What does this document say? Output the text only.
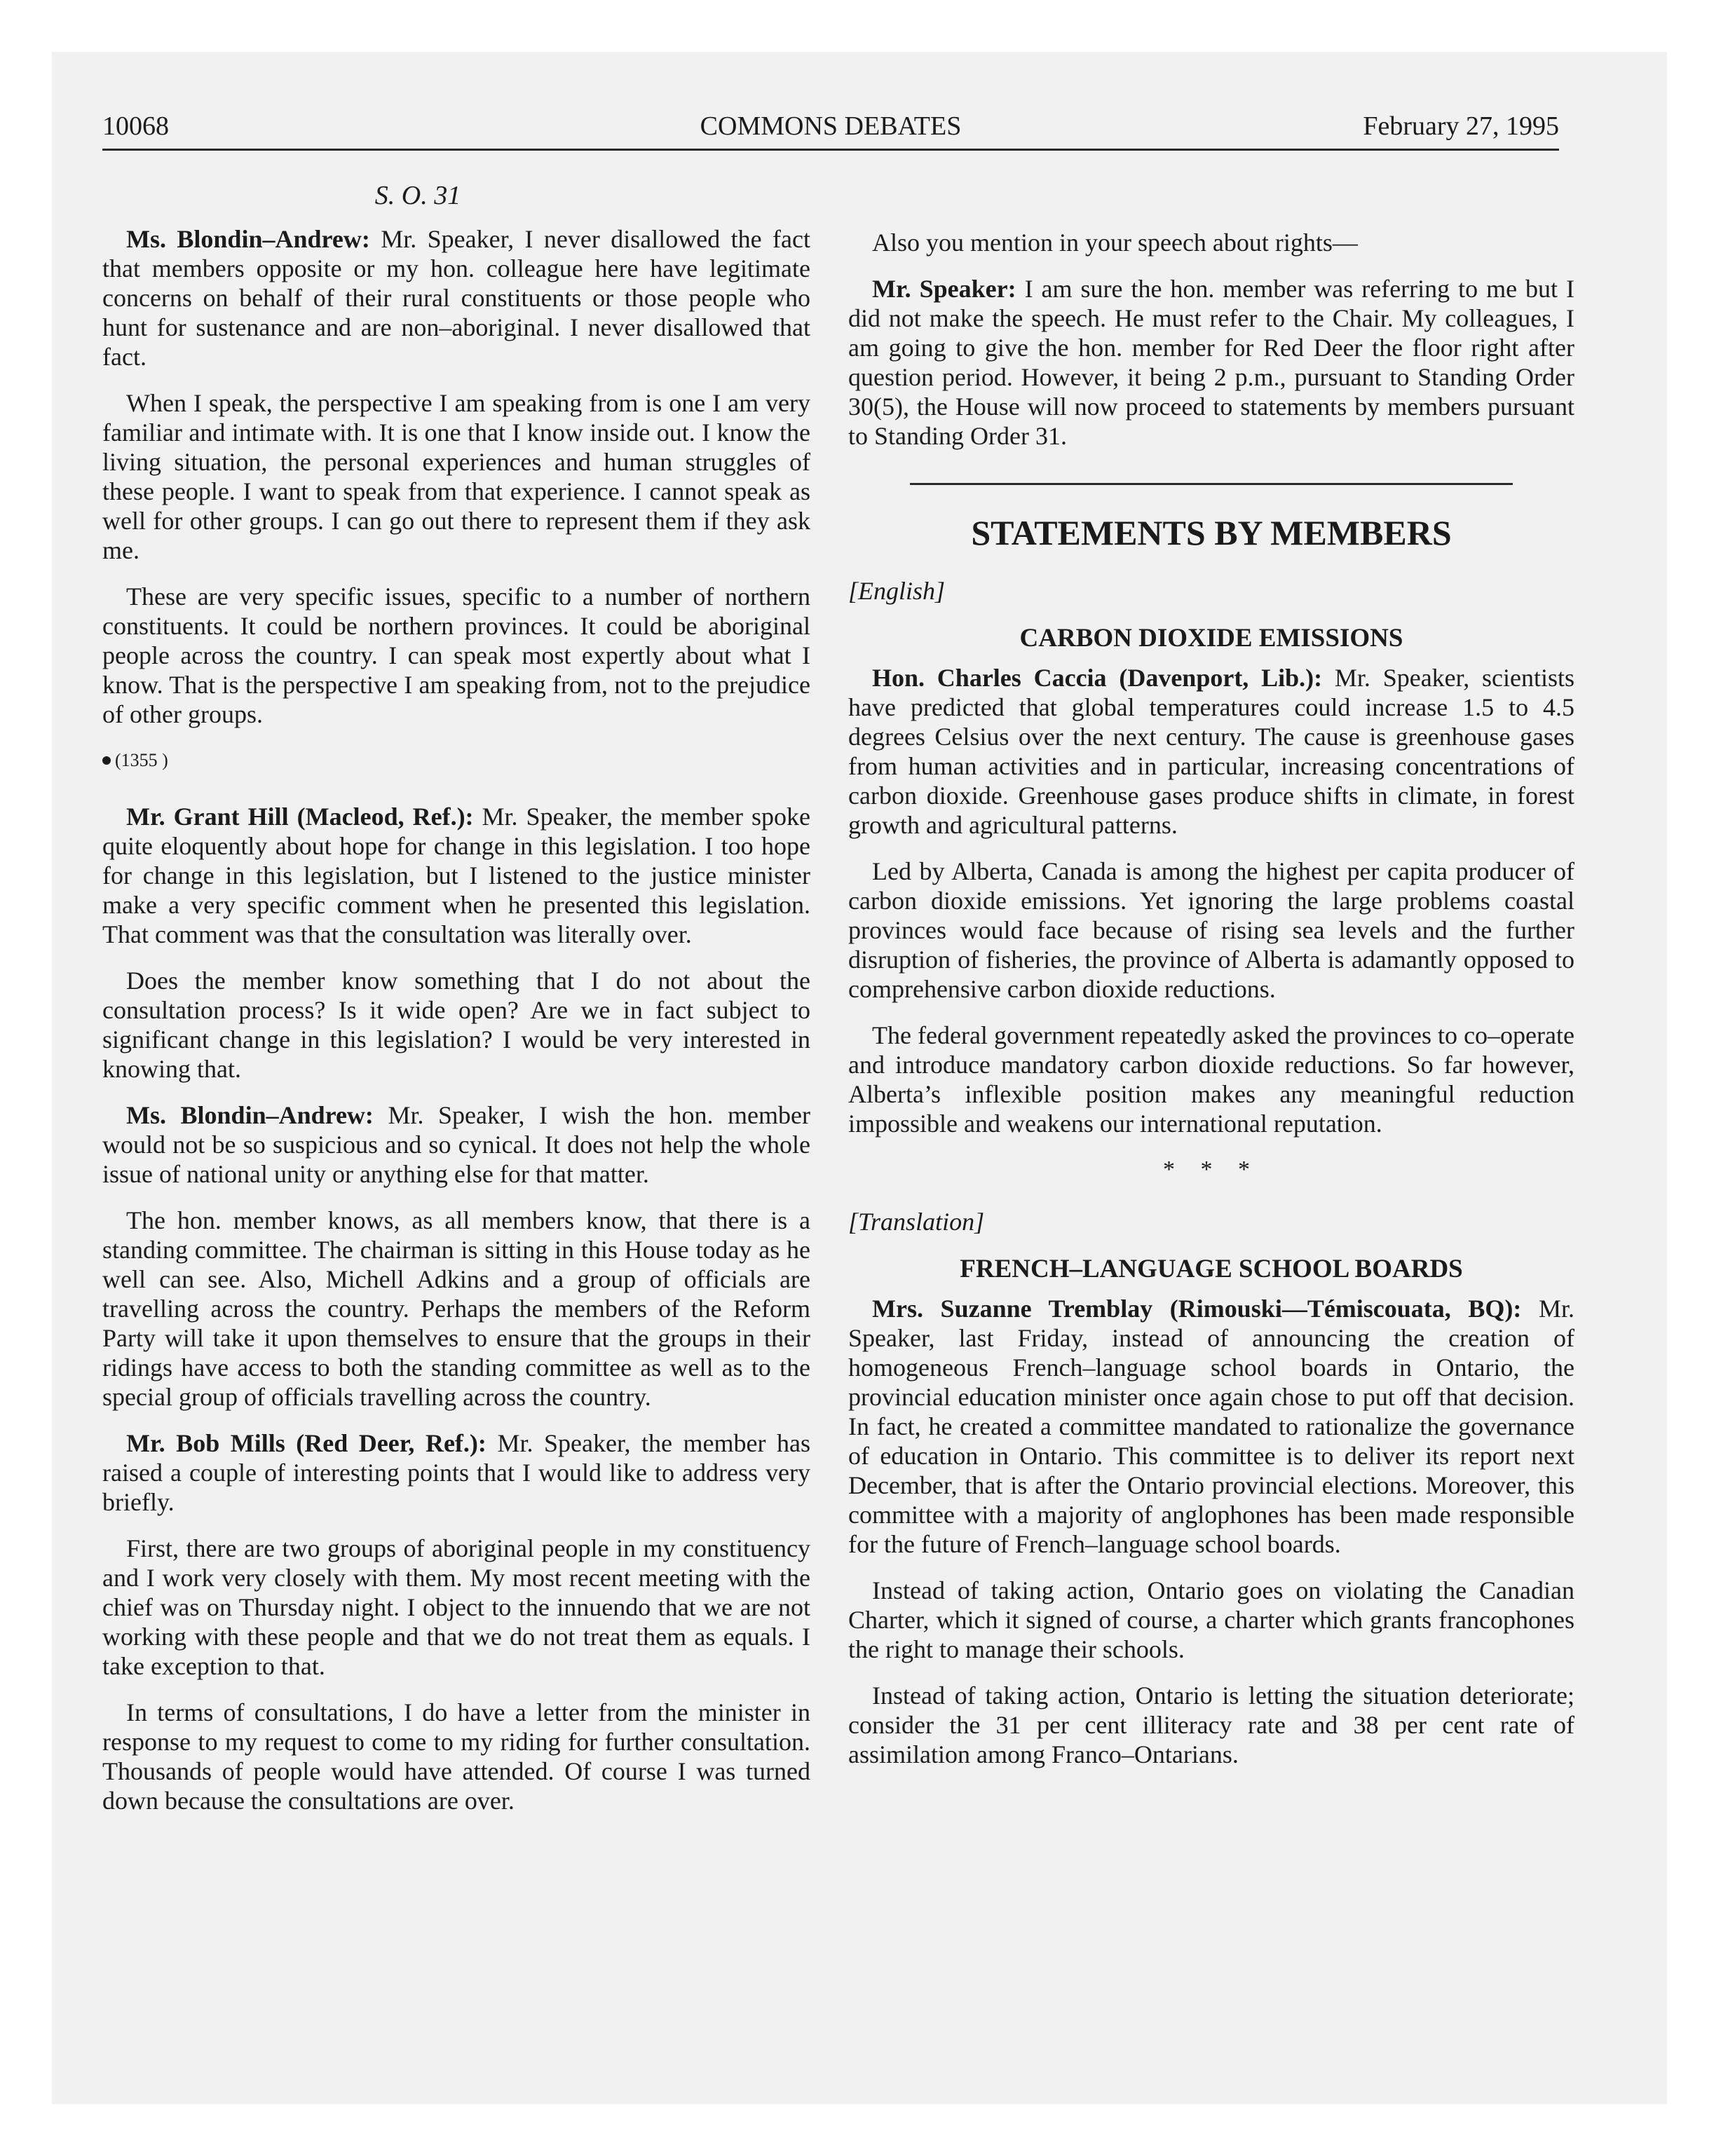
10068	COMMONS DEBATES	February 27, 1995

S. O. 31

Ms. Blondin–Andrew: Mr. Speaker, I never disallowed the fact that members opposite or my hon. colleague here have legitimate concerns on behalf of their rural constituents or those people who hunt for sustenance and are non–aboriginal. I never disallowed that fact.

When I speak, the perspective I am speaking from is one I am very familiar and intimate with. It is one that I know inside out. I know the living situation, the personal experiences and human struggles of these people. I want to speak from that experience. I cannot speak as well for other groups. I can go out there to represent them if they ask me.

These are very specific issues, specific to a number of northern constituents. It could be northern provinces. It could be aboriginal people across the country. I can speak most expertly about what I know. That is the perspective I am speaking from, not to the prejudice of other groups.

(1355 )

Mr. Grant Hill (Macleod, Ref.): Mr. Speaker, the member spoke quite eloquently about hope for change in this legislation. I too hope for change in this legislation, but I listened to the justice minister make a very specific comment when he presented this legislation. That comment was that the consultation was literally over.

Does the member know something that I do not about the consultation process? Is it wide open? Are we in fact subject to significant change in this legislation? I would be very interested in knowing that.

Ms. Blondin–Andrew: Mr. Speaker, I wish the hon. member would not be so suspicious and so cynical. It does not help the whole issue of national unity or anything else for that matter.

The hon. member knows, as all members know, that there is a standing committee. The chairman is sitting in this House today as he well can see. Also, Michell Adkins and a group of officials are travelling across the country. Perhaps the members of the Reform Party will take it upon themselves to ensure that the groups in their ridings have access to both the standing committee as well as to the special group of officials travelling across the country.

Mr. Bob Mills (Red Deer, Ref.): Mr. Speaker, the member has raised a couple of interesting points that I would like to address very briefly.

First, there are two groups of aboriginal people in my constituency and I work very closely with them. My most recent meeting with the chief was on Thursday night. I object to the innuendo that we are not working with these people and that we do not treat them as equals. I take exception to that.

In terms of consultations, I do have a letter from the minister in response to my request to come to my riding for further consultation. Thousands of people would have attended. Of course I was turned down because the consultations are over.

Also you mention in your speech about rights—

Mr. Speaker: I am sure the hon. member was referring to me but I did not make the speech. He must refer to the Chair. My colleagues, I am going to give the hon. member for Red Deer the floor right after question period. However, it being 2 p.m., pursuant to Standing Order 30(5), the House will now proceed to statements by members pursuant to Standing Order 31.

STATEMENTS BY MEMBERS

[English]

CARBON DIOXIDE EMISSIONS

Hon. Charles Caccia (Davenport, Lib.): Mr. Speaker, scientists have predicted that global temperatures could increase 1.5 to 4.5 degrees Celsius over the next century. The cause is greenhouse gases from human activities and in particular, increasing concentrations of carbon dioxide. Greenhouse gases produce shifts in climate, in forest growth and agricultural patterns.

Led by Alberta, Canada is among the highest per capita producer of carbon dioxide emissions. Yet ignoring the large problems coastal provinces would face because of rising sea levels and the further disruption of fisheries, the province of Alberta is adamantly opposed to comprehensive carbon dioxide reductions.

The federal government repeatedly asked the provinces to co–operate and introduce mandatory carbon dioxide reductions. So far however, Alberta’s inflexible position makes any meaningful reduction impossible and weakens our international reputation.

* * *

[Translation]

FRENCH–LANGUAGE SCHOOL BOARDS

Mrs. Suzanne Tremblay (Rimouski—Témiscouata, BQ): Mr. Speaker, last Friday, instead of announcing the creation of homogeneous French–language school boards in Ontario, the provincial education minister once again chose to put off that decision. In fact, he created a committee mandated to rationalize the governance of education in Ontario. This committee is to deliver its report next December, that is after the Ontario provincial elections. Moreover, this committee with a majority of anglophones has been made responsible for the future of French–language school boards.

Instead of taking action, Ontario goes on violating the Canadian Charter, which it signed of course, a charter which grants francophones the right to manage their schools.

Instead of taking action, Ontario is letting the situation deteriorate; consider the 31 per cent illiteracy rate and 38 per cent rate of assimilation among Franco–Ontarians.
